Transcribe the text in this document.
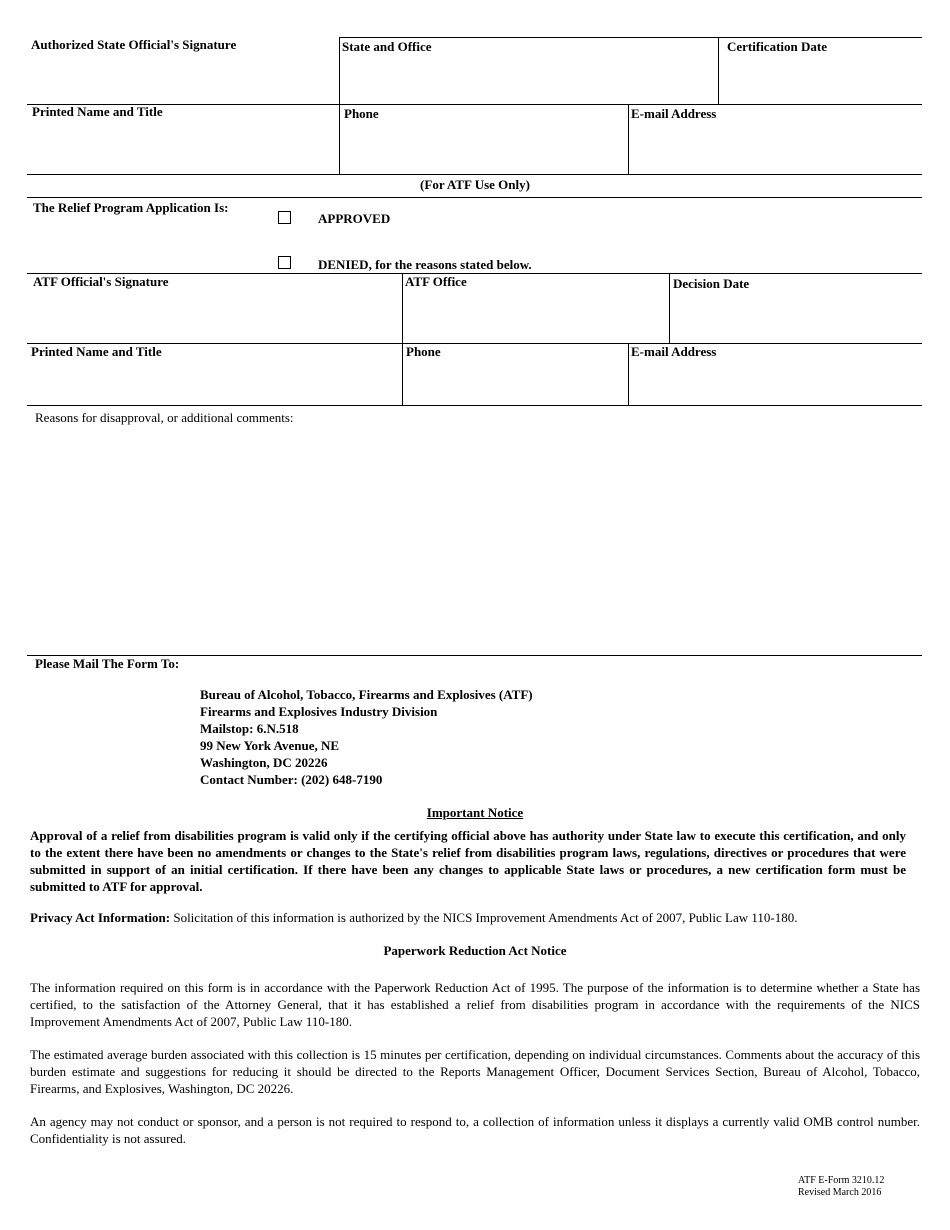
Authorized State Official's Signature	State and Office	Certification Date
Printed Name and Title	Phone	E-mail Address
(For ATF Use Only)
The Relief Program Application Is:
APPROVED
DENIED, for the reasons stated below.
ATF Official's Signature	ATF Office	Decision Date
Printed Name and Title	Phone	E-mail Address
Reasons for disapproval, or additional comments:
Please Mail The Form To:
Bureau of Alcohol, Tobacco, Firearms and Explosives (ATF)
Firearms and Explosives Industry Division
Mailstop: 6.N.518
99 New York Avenue, NE
Washington, DC 20226
Contact Number: (202) 648-7190
Important Notice
Approval of a relief from disabilities program is valid only if the certifying official above has authority under State law to execute this certification, and only to the extent there have been no amendments or changes to the State's relief from disabilities program laws, regulations, directives or procedures that were submitted in support of an initial certification. If there have been any changes to applicable State laws or procedures, a new certification form must be submitted to ATF for approval.
Privacy Act Information: Solicitation of this information is authorized by the NICS Improvement Amendments Act of 2007, Public Law 110-180.
Paperwork Reduction Act Notice
The information required on this form is in accordance with the Paperwork Reduction Act of 1995. The purpose of the information is to determine whether a State has certified, to the satisfaction of the Attorney General, that it has established a relief from disabilities program in accordance with the requirements of the NICS Improvement Amendments Act of 2007, Public Law 110-180.
The estimated average burden associated with this collection is 15 minutes per certification, depending on individual circumstances. Comments about the accuracy of this burden estimate and suggestions for reducing it should be directed to the Reports Management Officer, Document Services Section, Bureau of Alcohol, Tobacco, Firearms, and Explosives, Washington, DC 20226.
An agency may not conduct or sponsor, and a person is not required to respond to, a collection of information unless it displays a currently valid OMB control number. Confidentiality is not assured.
ATF E-Form 3210.12
Revised March 2016
